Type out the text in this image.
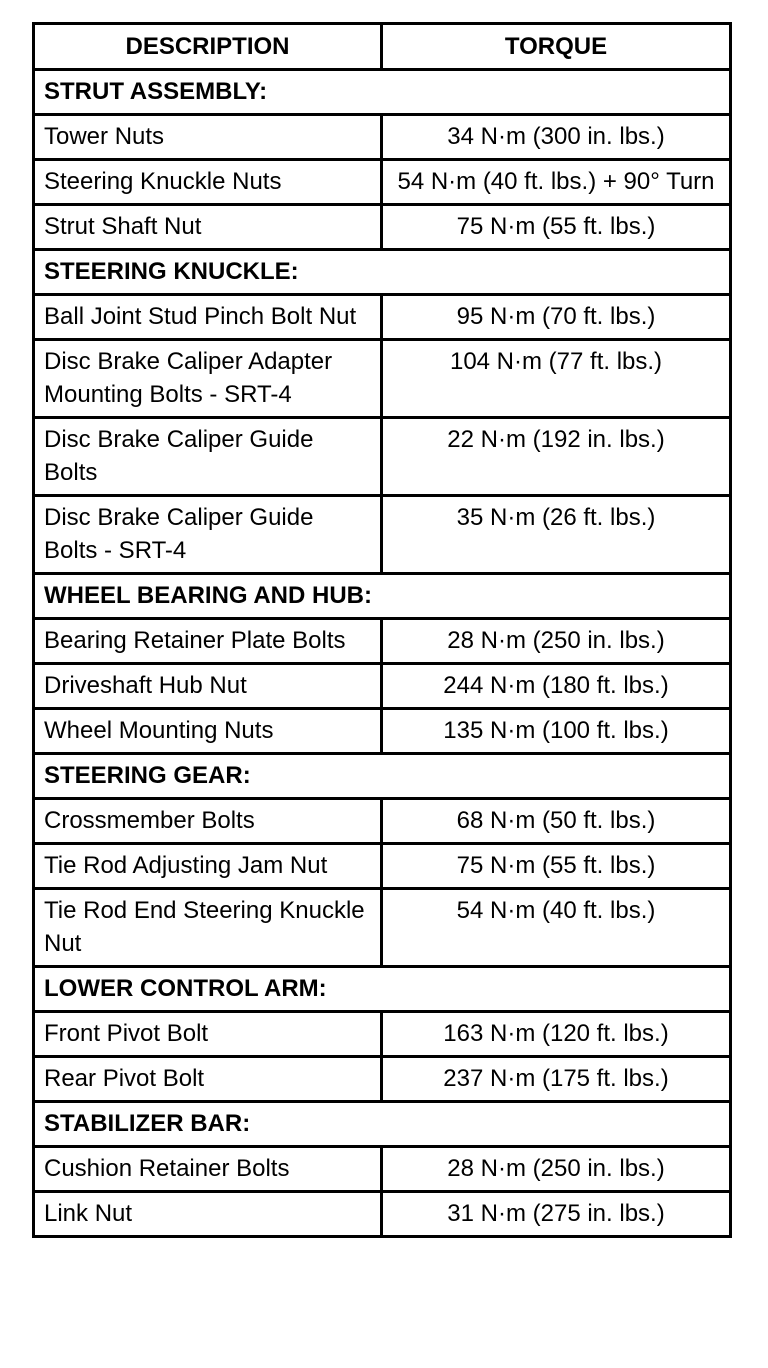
DESCRIPTION	TORQUE
STRUT ASSEMBLY:	
Tower Nuts	34 N·m (300 in. lbs.)
Steering Knuckle Nuts	54 N·m (40 ft. lbs.) + 90° Turn
Strut Shaft Nut	75 N·m (55 ft. lbs.)
STEERING KNUCKLE:	
Ball Joint Stud Pinch Bolt Nut	95 N·m (70 ft. lbs.)
Disc Brake Caliper Adapter Mounting Bolts - SRT-4	104 N·m (77 ft. lbs.)
Disc Brake Caliper Guide Bolts	22 N·m (192 in. lbs.)
Disc Brake Caliper Guide Bolts - SRT-4	35 N·m (26 ft. lbs.)
WHEEL BEARING AND HUB:	
Bearing Retainer Plate Bolts	28 N·m (250 in. lbs.)
Driveshaft Hub Nut	244 N·m (180 ft. lbs.)
Wheel Mounting Nuts	135 N·m (100 ft. lbs.)
STEERING GEAR:	
Crossmember Bolts	68 N·m (50 ft. lbs.)
Tie Rod Adjusting Jam Nut	75 N·m (55 ft. lbs.)
Tie Rod End Steering Knuckle Nut	54 N·m (40 ft. lbs.)
LOWER CONTROL ARM:	
Front Pivot Bolt	163 N·m (120 ft. lbs.)
Rear Pivot Bolt	237 N·m (175 ft. lbs.)
STABILIZER BAR:	
Cushion Retainer Bolts	28 N·m (250 in. lbs.)
Link Nut	31 N·m (275 in. lbs.)
